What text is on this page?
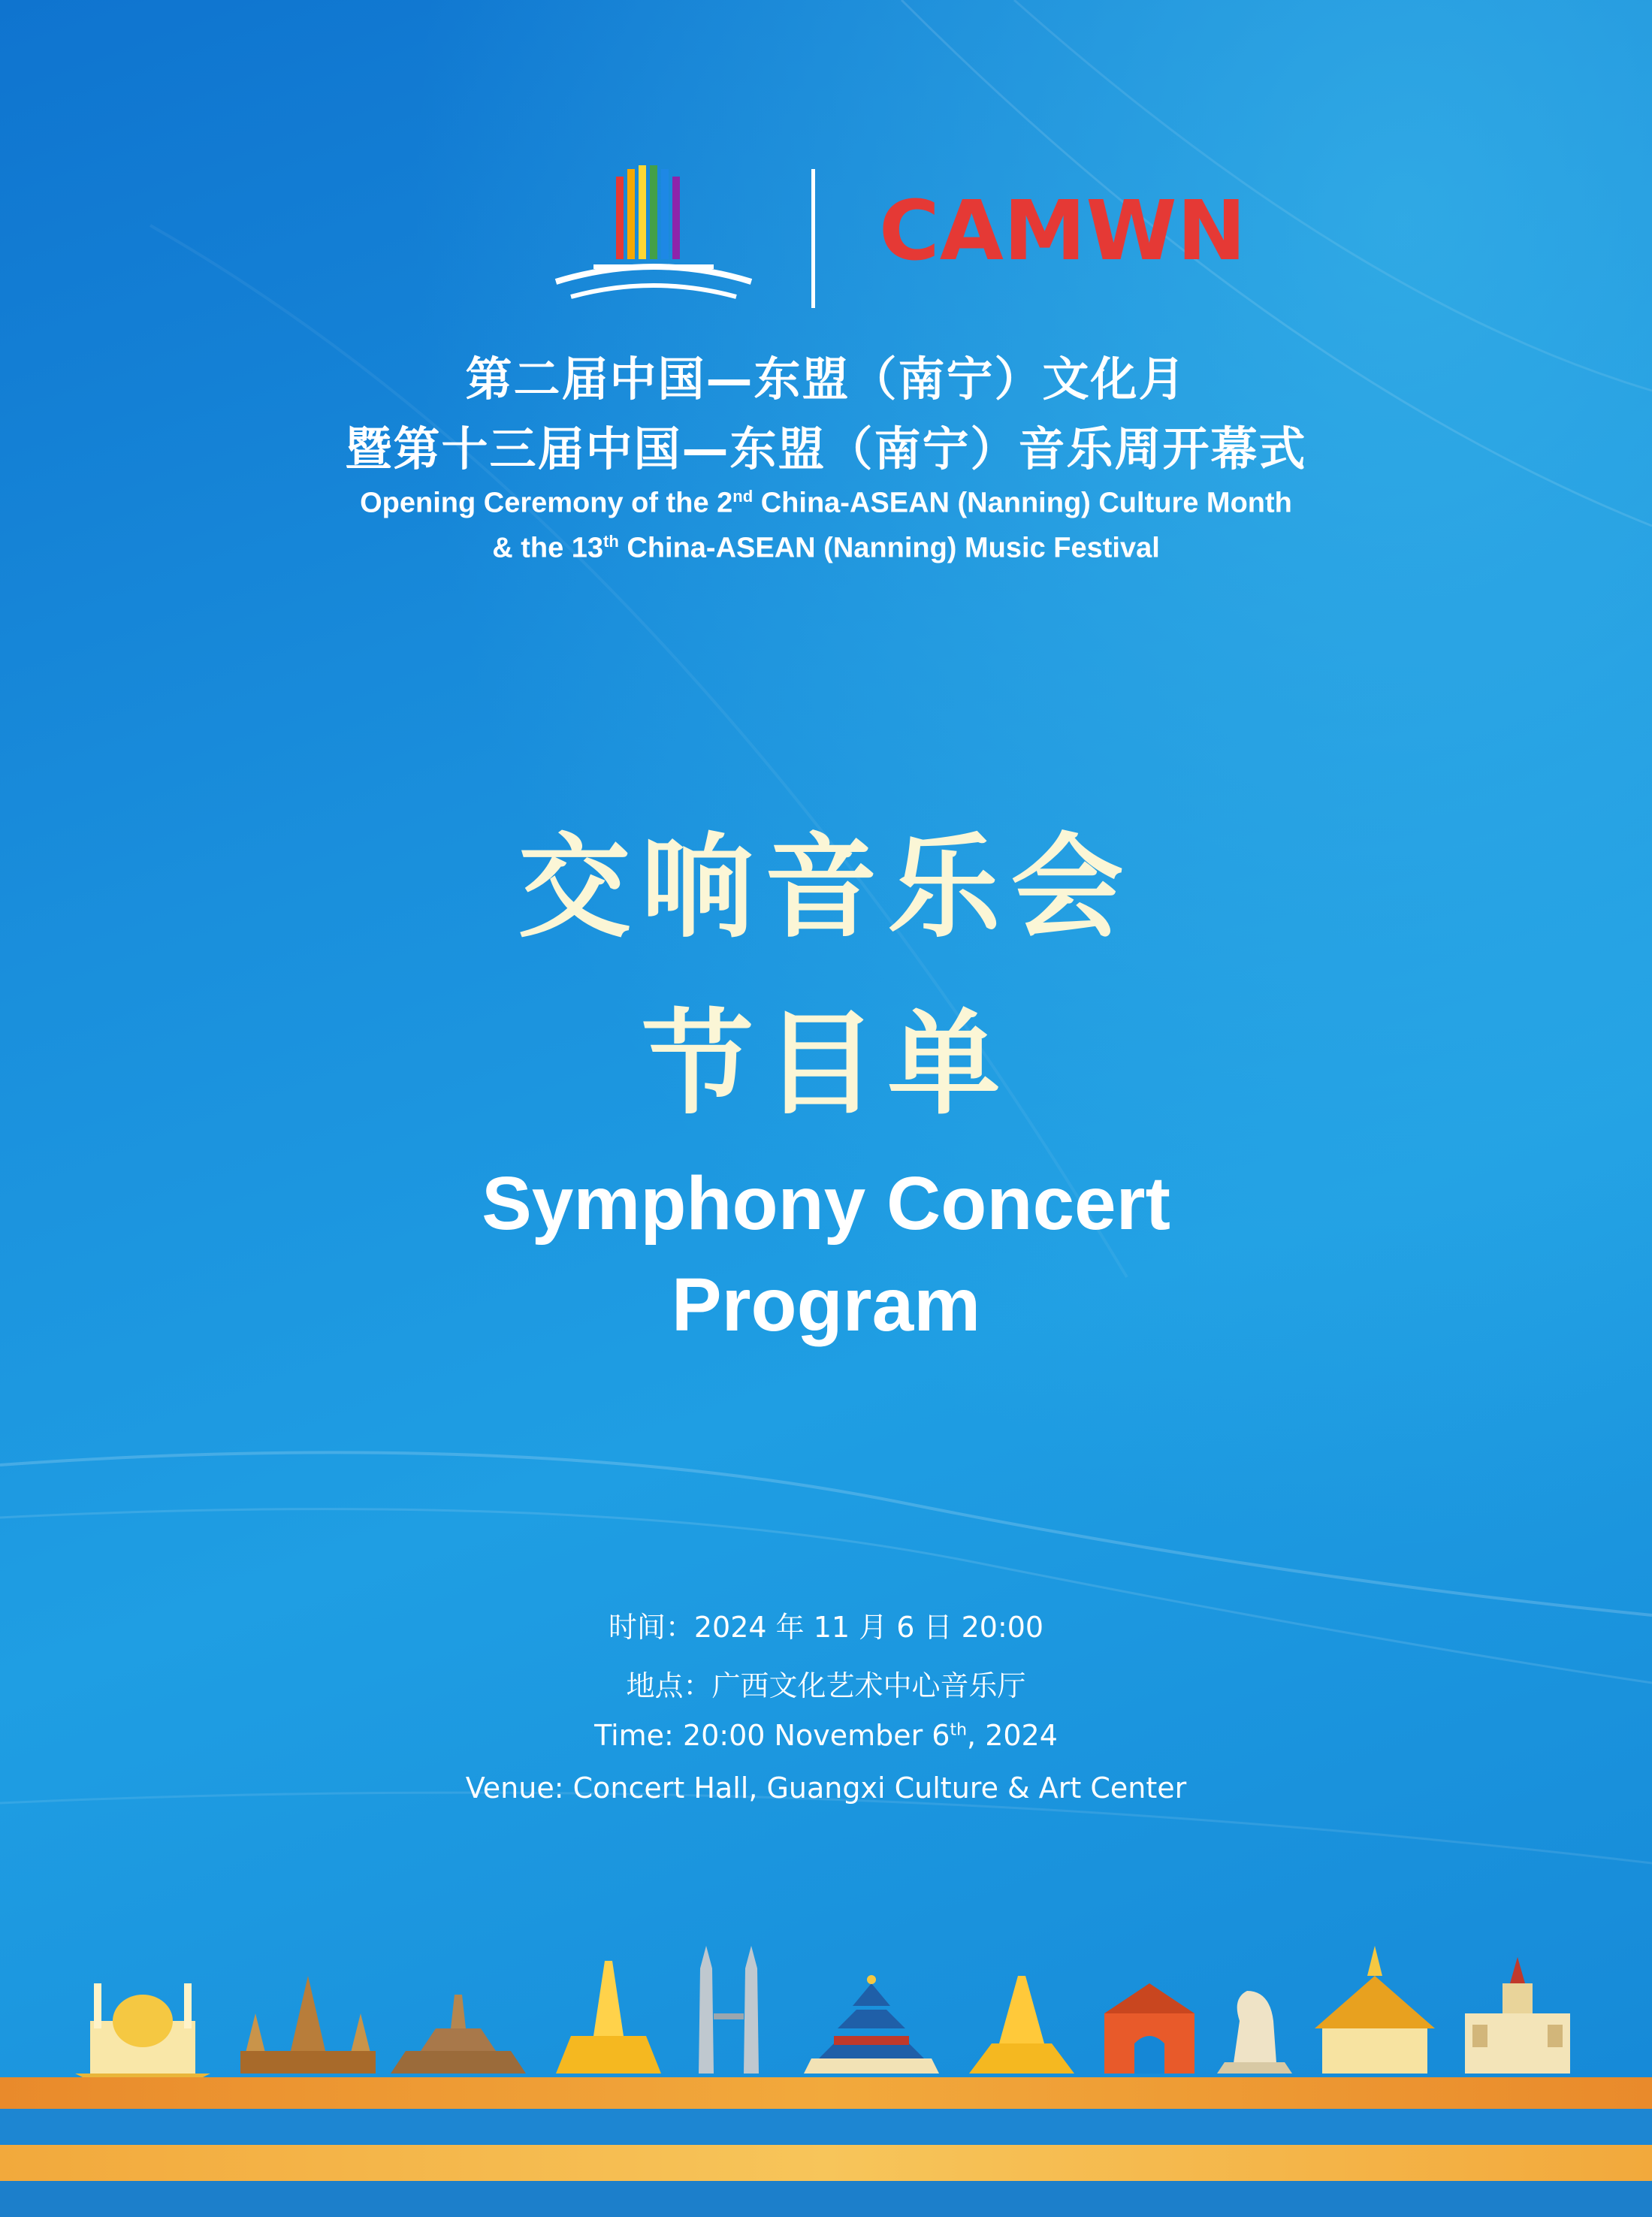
CAMWN
第二届中国—东盟（南宁）文化月
暨第十三届中国—东盟（南宁）音乐周开幕式
Opening Ceremony of the 2nd China-ASEAN (Nanning) Culture Month
& the 13th China-ASEAN (Nanning) Music Festival
交响音乐会
节目单
Symphony Concert
Program
时间：2024 年 11 月 6 日 20:00
地点：广西文化艺术中心音乐厅
Time: 20:00 November 6th, 2024
Venue: Concert Hall, Guangxi Culture & Art Center
